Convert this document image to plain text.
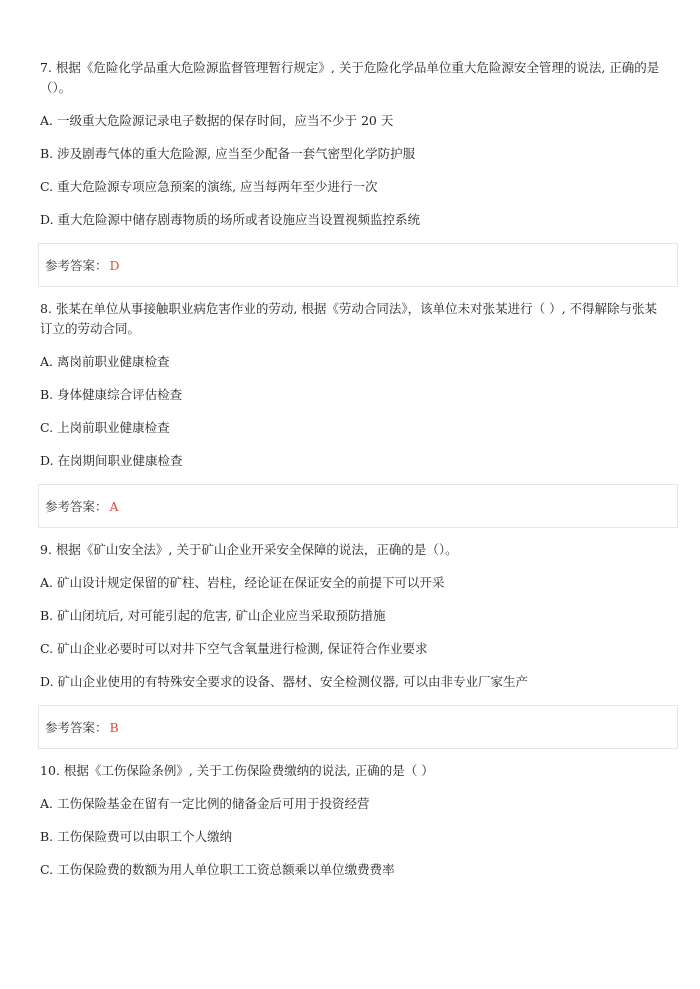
7. 根据《危险化学品重大危险源监督管理暂行规定》, 关于危险化学品单位重大危险源安全管理的说法, 正确的是（）。
A. 一级重大危险源记录电子数据的保存时间，应当不少于 20 天
B. 涉及剧毒气体的重大危险源, 应当至少配备一套气密型化学防护服
C. 重大危险源专项应急预案的演练, 应当每两年至少进行一次
D. 重大危险源中储存剧毒物质的场所或者设施应当设置视频监控系统
参考答案： D
8. 张某在单位从事接触职业病危害作业的劳动, 根据《劳动合同法》，该单位未对张某进行（ ）, 不得解除与张某订立的劳动合同。
A. 离岗前职业健康检查
B. 身体健康综合评估检查
C. 上岗前职业健康检查
D. 在岗期间职业健康检查
参考答案： A
9. 根据《矿山安全法》, 关于矿山企业开采安全保障的说法，正确的是（）。
A. 矿山设计规定保留的矿柱、岩柱，经论证在保证安全的前提下可以开采
B. 矿山闭坑后, 对可能引起的危害, 矿山企业应当采取预防措施
C. 矿山企业必要时可以对井下空气含氧量进行检测, 保证符合作业要求
D. 矿山企业使用的有特殊安全要求的设备、器材、安全检测仪器, 可以由非专业厂家生产
参考答案： B
10. 根据《工伤保险条例》, 关于工伤保险费缴纳的说法, 正确的是（ ）
A. 工伤保险基金在留有一定比例的储备金后可用于投资经营
B. 工伤保险费可以由职工个人缴纳
C. 工伤保险费的数额为用人单位职工工资总额乘以单位缴费费率
